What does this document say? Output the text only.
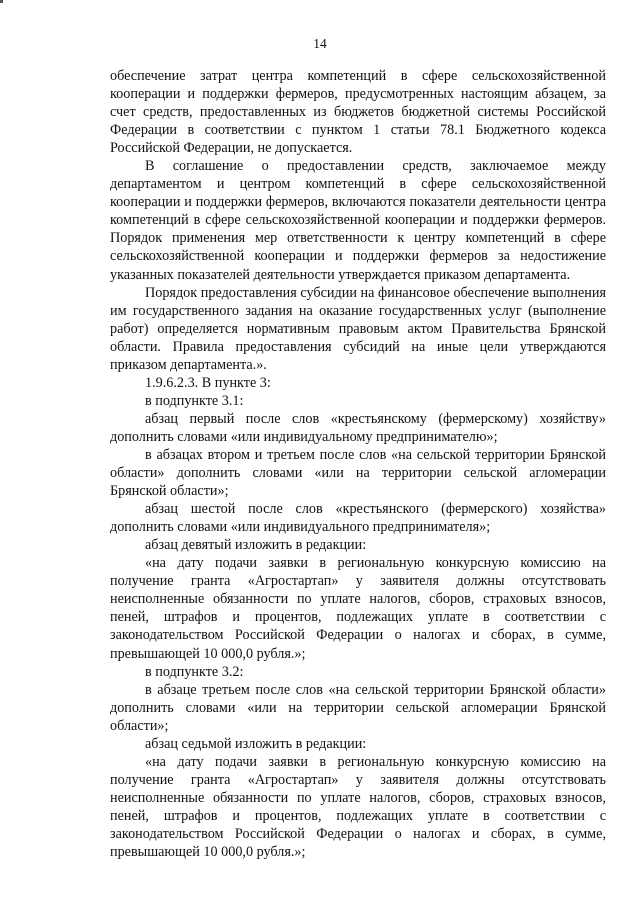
14

обеспечение затрат центра компетенций в сфере сельскохозяйственной кооперации и поддержки фермеров, предусмотренных настоящим абзацем, за счет средств, предоставленных из бюджетов бюджетной системы Российской Федерации в соответствии с пунктом 1 статьи 78.1 Бюджетного кодекса Российской Федерации, не допускается.

В соглашение о предоставлении средств, заключаемое между департаментом и центром компетенций в сфере сельскохозяйственной кооперации и поддержки фермеров, включаются показатели деятельности центра компетенций в сфере сельскохозяйственной кооперации и поддержки фермеров. Порядок применения мер ответственности к центру компетенций в сфере сельскохозяйственной кооперации и поддержки фермеров за недостижение указанных показателей деятельности утверждается приказом департамента.

Порядок предоставления субсидии на финансовое обеспечение выполнения им государственного задания на оказание государственных услуг (выполнение работ) определяется нормативным правовым актом Правительства Брянской области. Правила предоставления субсидий на иные цели утверждаются приказом департамента.».

1.9.6.2.3. В пункте 3:

в подпункте 3.1:

абзац первый после слов «крестьянскому (фермерскому) хозяйству» дополнить словами «или индивидуальному предпринимателю»;

в абзацах втором и третьем после слов «на сельской территории Брянской области» дополнить словами «или на территории сельской агломерации Брянской области»;

абзац шестой после слов «крестьянского (фермерского) хозяйства» дополнить словами «или индивидуального предпринимателя»;

абзац девятый изложить в редакции:

«на дату подачи заявки в региональную конкурсную комиссию на получение гранта «Агростартап» у заявителя должны отсутствовать неисполненные обязанности по уплате налогов, сборов, страховых взносов, пеней, штрафов и процентов, подлежащих уплате в соответствии с законодательством Российской Федерации о налогах и сборах, в сумме, превышающей 10 000,0 рубля.»;

в подпункте 3.2:

в абзаце третьем после слов «на сельской территории Брянской области» дополнить словами «или на территории сельской агломерации Брянской области»;

абзац седьмой изложить в редакции:

«на дату подачи заявки в региональную конкурсную комиссию на получение гранта «Агростартап» у заявителя должны отсутствовать неисполненные обязанности по уплате налогов, сборов, страховых взносов, пеней, штрафов и процентов, подлежащих уплате в соответствии с законодательством Российской Федерации о налогах и сборах, в сумме, превышающей 10 000,0 рубля.»;
